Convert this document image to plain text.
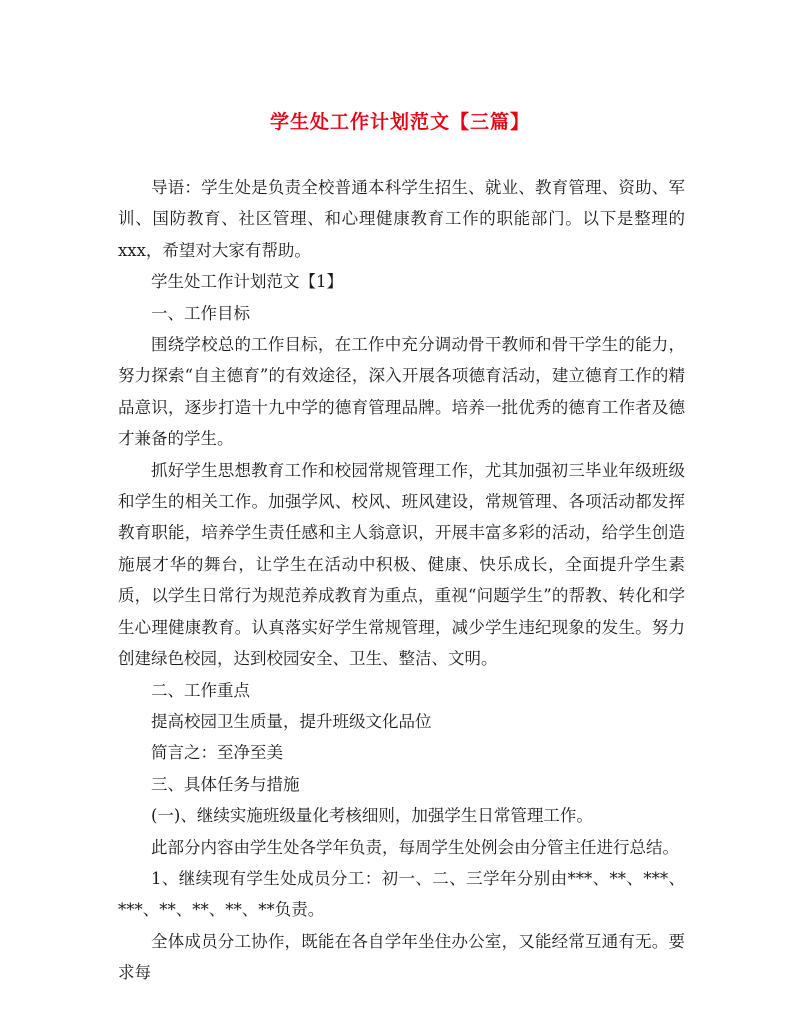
学生处工作计划范文【三篇】

导语：学生处是负责全校普通本科学生招生、就业、教育管理、资助、军训、国防教育、社区管理、和心理健康教育工作的职能部门。以下是整理的xxx，希望对大家有帮助。

学生处工作计划范文【1】

一、工作目标

围绕学校总的工作目标，在工作中充分调动骨干教师和骨干学生的能力，努力探索“自主德育”的有效途径，深入开展各项德育活动，建立德育工作的精品意识，逐步打造十九中学的德育管理品牌。培养一批优秀的德育工作者及德才兼备的学生。

抓好学生思想教育工作和校园常规管理工作，尤其加强初三毕业年级班级和学生的相关工作。加强学风、校风、班风建设，常规管理、各项活动都发挥教育职能，培养学生责任感和主人翁意识，开展丰富多彩的活动，给学生创造施展才华的舞台，让学生在活动中积极、健康、快乐成长，全面提升学生素质，以学生日常行为规范养成教育为重点，重视“问题学生”的帮教、转化和学生心理健康教育。认真落实好学生常规管理，减少学生违纪现象的发生。努力创建绿色校园，达到校园安全、卫生、整洁、文明。

二、工作重点

提高校园卫生质量，提升班级文化品位

简言之：至净至美

三、具体任务与措施

(一)、继续实施班级量化考核细则，加强学生日常管理工作。

此部分内容由学生处各学年负责，每周学生处例会由分管主任进行总结。

1、继续现有学生处成员分工：初一、二、三学年分别由***、**、***、***、**、**、**、**负责。

全体成员分工协作，既能在各自学年坐住办公室，又能经常互通有无。要求每
